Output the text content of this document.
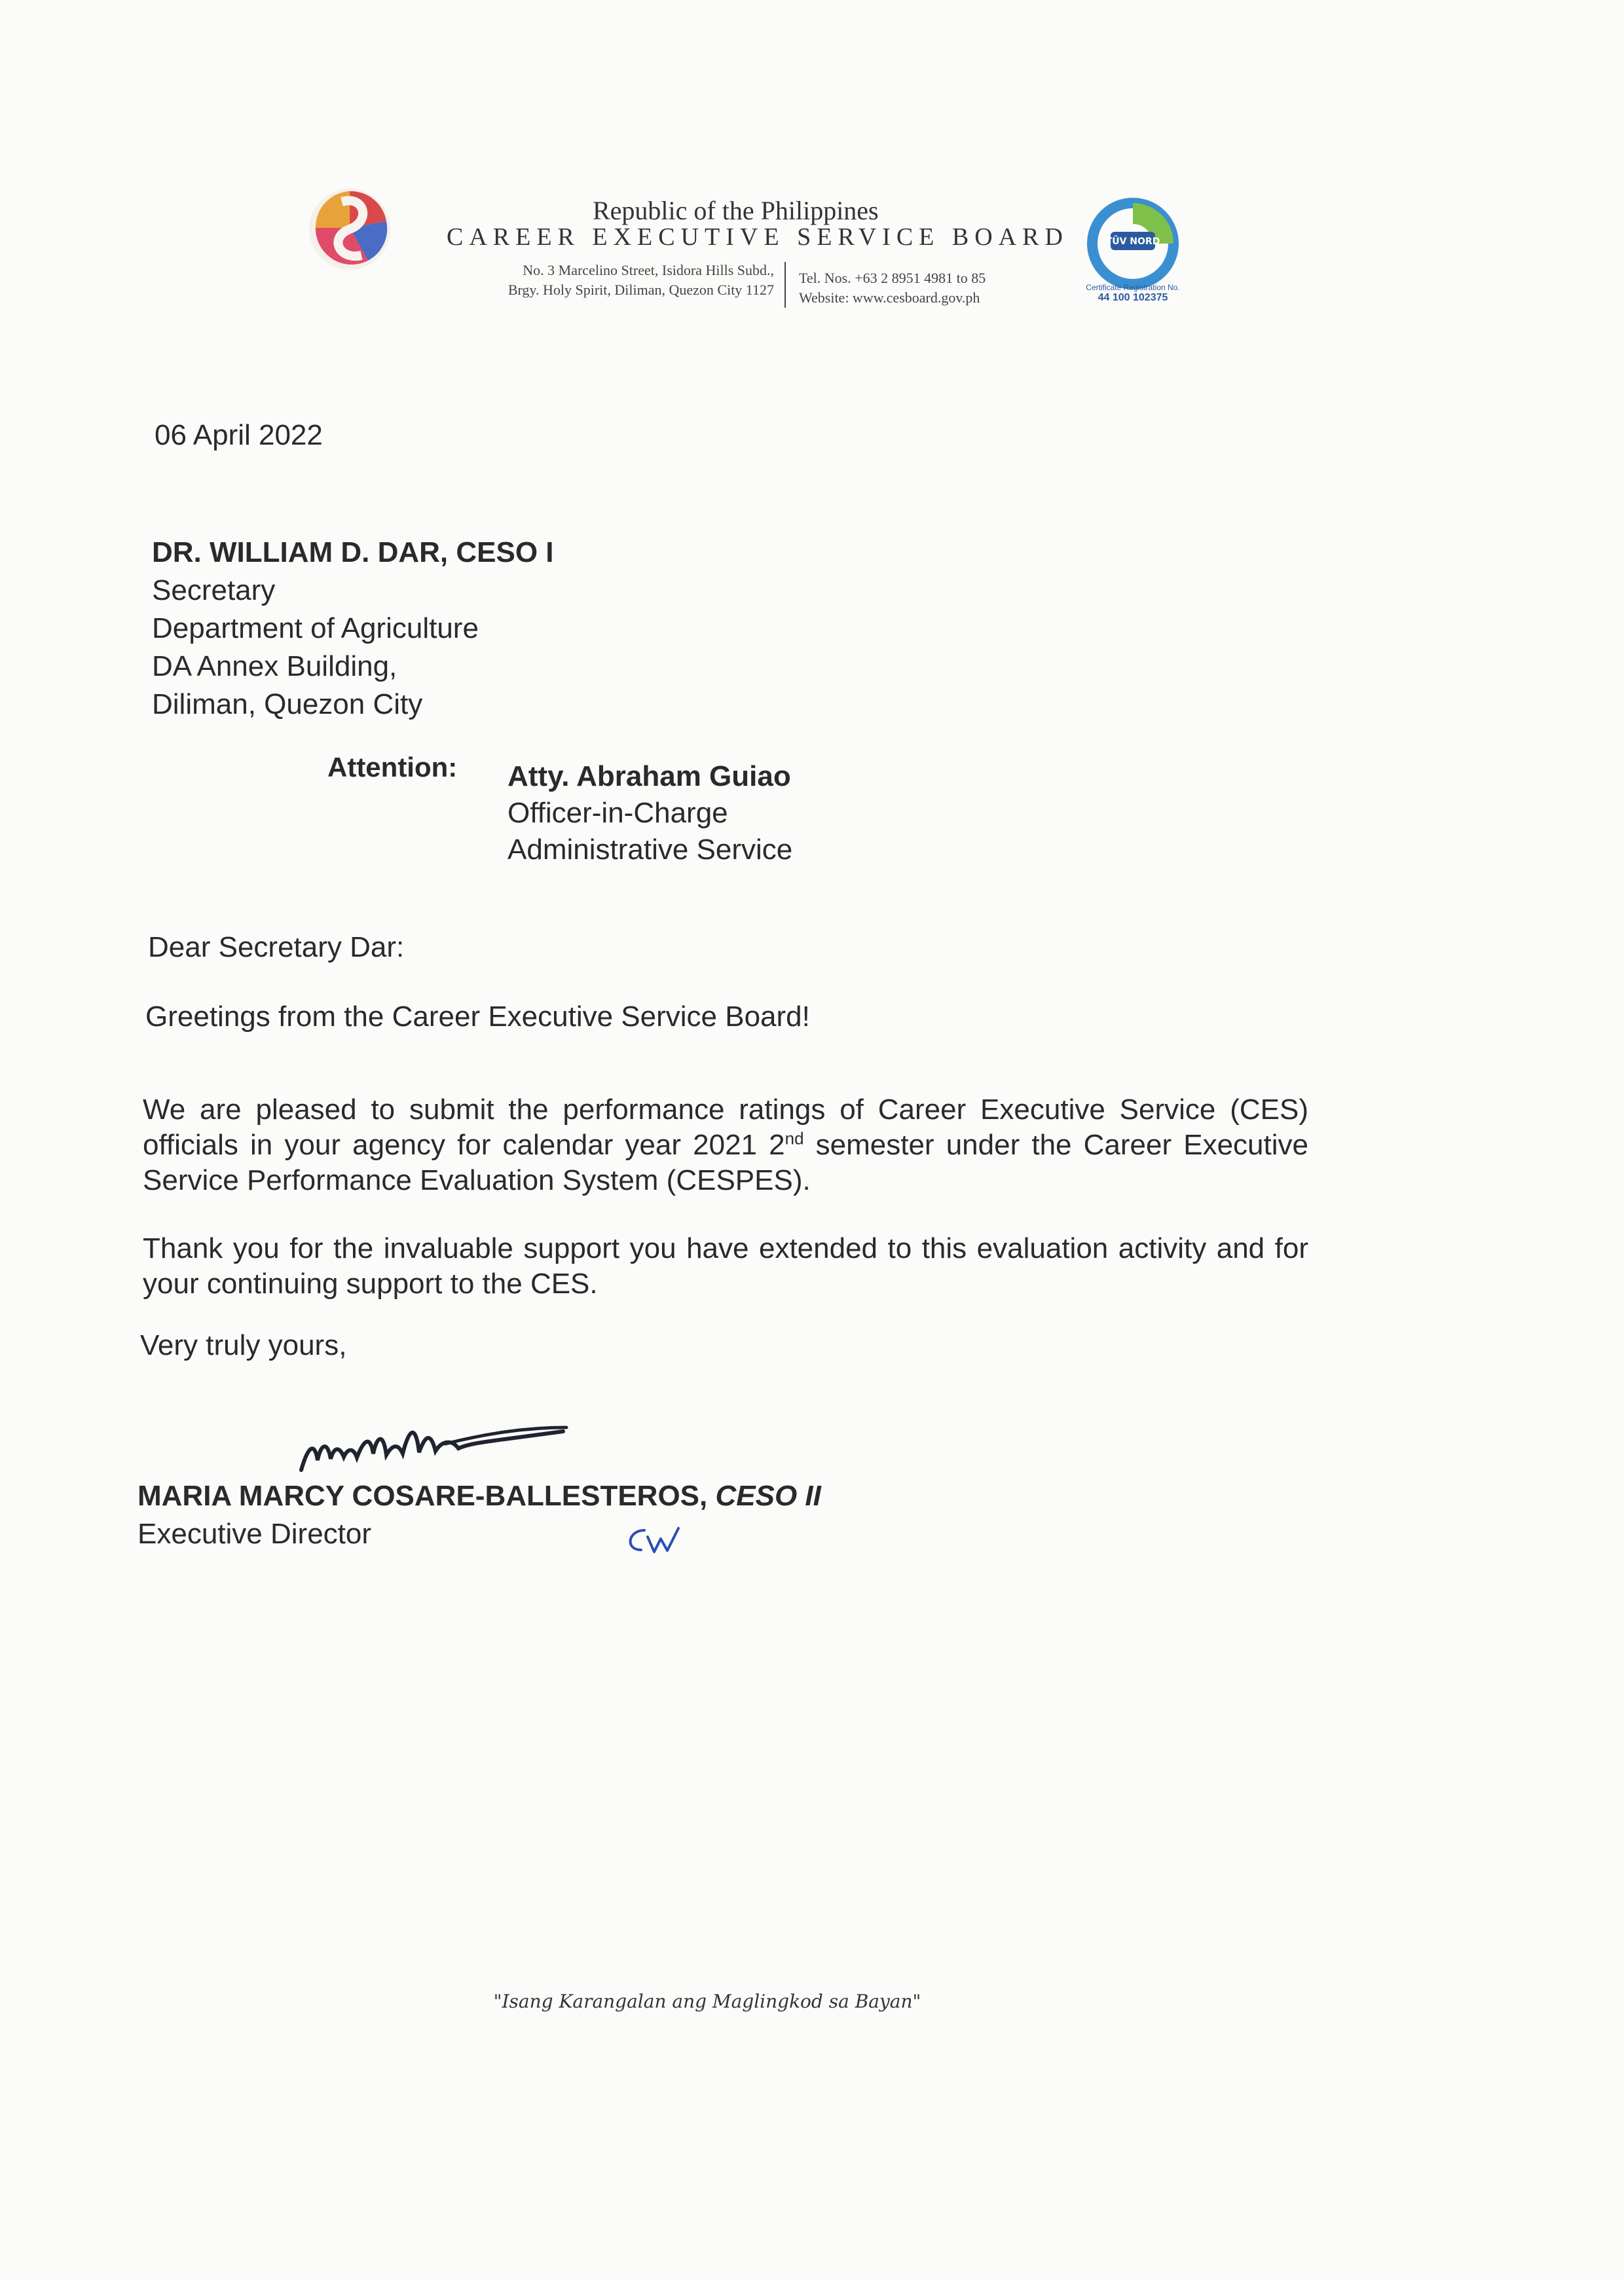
Republic of the Philippines
CAREER EXECUTIVE SERVICE BOARD
No. 3 Marcelino Street, Isidora Hills Subd.,
Brgy. Holy Spirit, Diliman, Quezon City 1127
Tel. Nos. +63 2 8951 4981 to 85
Website: www.cesboard.gov.ph
TÜV NORD
Certificate Registration No.
44 100 102375
06 April 2022
DR. WILLIAM D. DAR, CESO I
Secretary
Department of Agriculture
DA Annex Building,
Diliman, Quezon City
Attention: Atty. Abraham Guiao
Officer-in-Charge
Administrative Service
Dear Secretary Dar:
Greetings from the Career Executive Service Board!
We are pleased to submit the performance ratings of Career Executive Service (CES) officials in your agency for calendar year 2021 2nd semester under the Career Executive Service Performance Evaluation System (CESPES).
Thank you for the invaluable support you have extended to this evaluation activity and for your continuing support to the CES.
Very truly yours,
MARIA MARCY COSARE-BALLESTEROS, CESO II
Executive Director
"Isang Karangalan ang Maglingkod sa Bayan"
